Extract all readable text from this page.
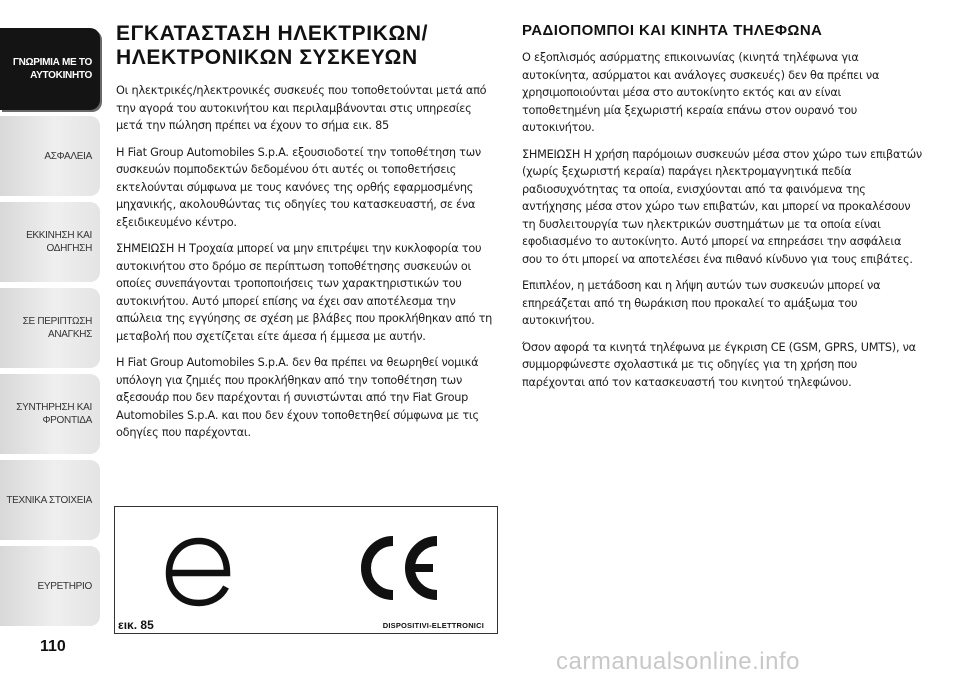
ΓΝΩΡΙΜΙΑ ΜΕ ΤΟ
ΑΥΤΟΚΙΝΗΤΟ
ΑΣΦΑΛΕΙΑ
ΕΚΚΙΝΗΣΗ ΚΑΙ
ΟΔΗΓΗΣΗ
ΣΕ ΠΕΡΙΠΤΩΣΗ
ΑΝΑΓΚΗΣ
ΣΥΝΤΗΡΗΣΗ ΚΑΙ
ΦΡΟΝΤΙΔΑ
ΤΕΧΝΙΚΑ ΣΤΟΙΧΕΙΑ
ΕΥΡΕΤΗΡΙΟ
110
ΕΓΚΑΤΑΣΤΑΣΗ ΗΛΕΚΤΡΙΚΩΝ/
ΗΛΕΚΤΡΟΝΙΚΩΝ ΣΥΣΚΕΥΩΝ

Οι ηλεκτρικές/ηλεκτρονικές συσκευές που τοποθετούνται μετά από την αγορά του αυτοκινήτου και περιλαμβάνονται στις υπηρεσίες μετά την πώληση πρέπει να έχουν το σήμα εικ. 85

Η Fiat Group Automobiles S.p.A. εξουσιοδοτεί την τοποθέτηση των συσκευών πομποδεκτών δεδομένου ότι αυτές οι τοποθετήσεις εκτελούνται σύμφωνα με τους κανόνες της ορθής εφαρμοσμένης μηχανικής, ακολουθώντας τις οδηγίες του κατασκευαστή, σε ένα εξειδικευμένο κέντρο.

ΣΗΜΕΙΩΣΗ Η Τροχαία μπορεί να μην επιτρέψει την κυκλοφορία του αυτοκινήτου στο δρόμο σε περίπτωση τοποθέτησης συσκευών οι οποίες συνεπάγονται τροποποιήσεις των χαρακτηριστικών του αυτοκινήτου. Αυτό μπορεί επίσης να έχει σαν αποτέλεσμα την απώλεια της εγγύησης σε σχέση με βλάβες που προκλήθηκαν από τη μεταβολή που σχετίζεται είτε άμεσα ή έμμεσα με αυτήν.

Η Fiat Group Automobiles S.p.A. δεν θα πρέπει να θεωρηθεί νομικά υπόλογη για ζημιές που προκλήθηκαν από την τοποθέτηση των αξεσουάρ που δεν παρέχονται ή συνιστώνται από την Fiat Group Automobiles S.p.A. και που δεν έχουν τοποθετηθεί σύμφωνα με τις οδηγίες που παρέχονται.

ΡΑΔΙΟΠΟΜΠΟΙ ΚΑΙ ΚΙΝΗΤΑ ΤΗΛΕΦΩΝΑ

Ο εξοπλισμός ασύρματης επικοινωνίας (κινητά τηλέφωνα για αυτοκίνητα, ασύρματοι και ανάλογες συσκευές) δεν θα πρέπει να χρησιμοποιούνται μέσα στο αυτοκίνητο εκτός και αν είναι τοποθετημένη μία ξεχωριστή κεραία επάνω στον ουρανό του αυτοκινήτου.

ΣΗΜΕΙΩΣΗ Η χρήση παρόμοιων συσκευών μέσα στον χώρο των επιβατών (χωρίς ξεχωριστή κεραία) παράγει ηλεκτρομαγνητικά πεδία ραδιοσυχνότητας τα οποία, ενισχύονται από τα φαινόμενα της αντήχησης μέσα στον χώρο των επιβατών, και μπορεί να προκαλέσουν τη δυσλειτουργία των ηλεκτρικών συστημάτων με τα οποία είναι εφοδιασμένο το αυτοκίνητο. Αυτό μπορεί να επηρεάσει την ασφάλεια σου το ότι μπορεί να αποτελέσει ένα πιθανό κίνδυνο για τους επιβάτες.

Επιπλέον, η μετάδοση και η λήψη αυτών των συσκευών μπορεί να επηρεάζεται από τη θωράκιση που προκαλεί το αμάξωμα του αυτοκινήτου.

Όσον αφορά τα κινητά τηλέφωνα με έγκριση CE (GSM, GPRS, UMTS), να συμμορφώνεστε σχολαστικά με τις οδηγίες για τη χρήση που παρέχονται από τον κατασκευαστή του κινητού τηλεφώνου.

εικ. 85	DISPOSITIVI-ELETTRONICI
carmanualsonline.info
